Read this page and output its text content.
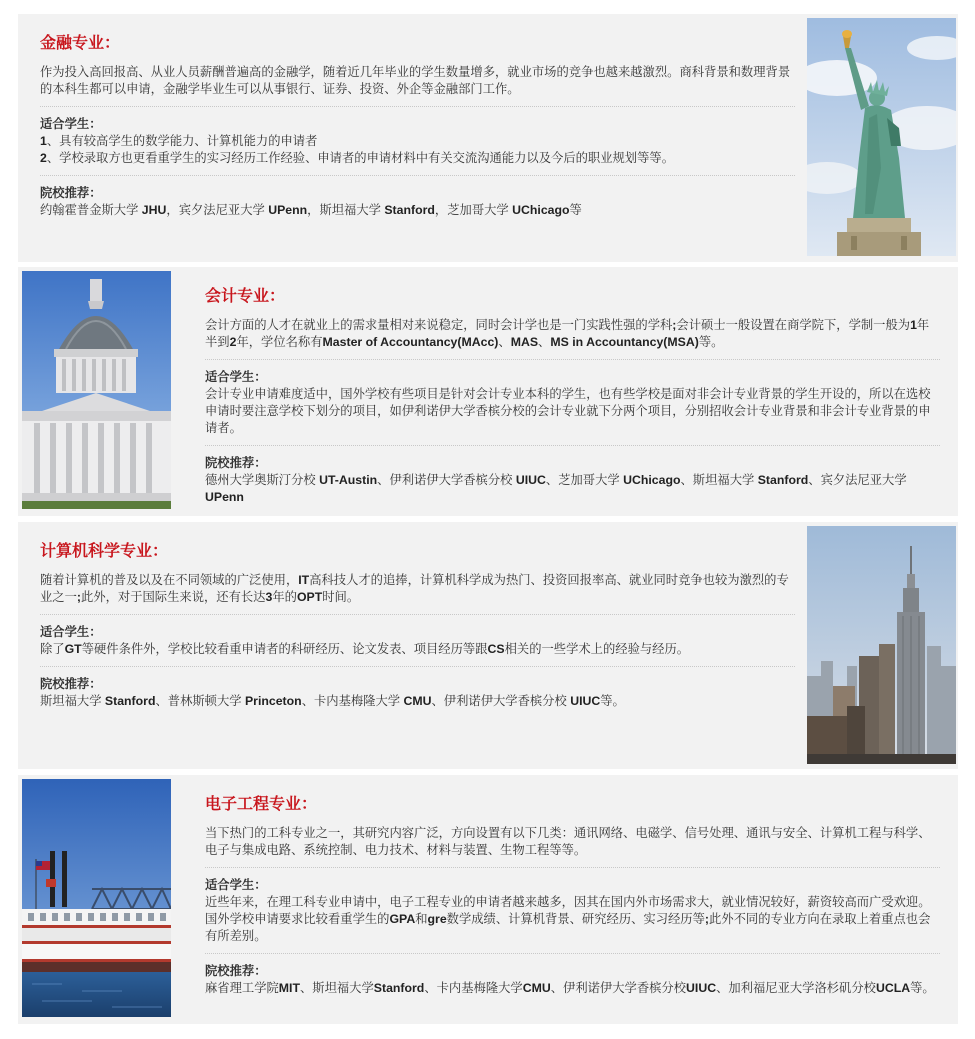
金融专业：

作为投入高回报高、从业人员薪酬普遍高的金融学，随着近几年毕业的学生数量增多，就业市场的竞争也越来越激烈。商科背景和数理背景的本科生都可以申请，金融学毕业生可以从事银行、证券、投资、外企等金融部门工作。

适合学生：

1、具有较高学生的数学能力、计算机能力的申请者

2、学校录取方也更看重学生的实习经历工作经验、申请者的申请材料中有关交流沟通能力以及今后的职业规划等等。

院校推荐：

约翰霍普金斯大学 JHU，宾夕法尼亚大学 UPenn，斯坦福大学 Stanford，芝加哥大学 UChicago等

会计专业：

会计方面的人才在就业上的需求量相对来说稳定，同时会计学也是一门实践性强的学科;会计硕士一般设置在商学院下，学制一般为1年半到2年，学位名称有Master of Accountancy(MAcc)、MAS、MS in Accountancy(MSA)等。

适合学生：

会计专业申请难度适中，国外学校有些项目是针对会计专业本科的学生，也有些学校是面对非会计专业背景的学生开设的，所以在选校申请时要注意学校下划分的项目，如伊利诺伊大学香槟分校的会计专业就下分两个项目，分别招收会计专业背景和非会计专业背景的申请者。

院校推荐：

德州大学奥斯汀分校 UT-Austin、伊利诺伊大学香槟分校 UIUC、芝加哥大学 UChicago、斯坦福大学 Stanford、宾夕法尼亚大学 UPenn

计算机科学专业：

随着计算机的普及以及在不同领域的广泛使用，IT高科技人才的追捧，计算机科学成为热门、投资回报率高、就业同时竞争也较为激烈的专业之一;此外，对于国际生来说，还有长达3年的OPT时间。

适合学生：

除了GT等硬件条件外，学校比较看重申请者的科研经历、论文发表、项目经历等跟CS相关的一些学术上的经验与经历。

院校推荐：

斯坦福大学 Stanford、普林斯顿大学 Princeton、卡内基梅隆大学 CMU、伊利诺伊大学香槟分校 UIUC等。

电子工程专业：

当下热门的工科专业之一，其研究内容广泛，方向设置有以下几类：通讯网络、电磁学、信号处理、通讯与安全、计算机工程与科学、电子与集成电路、系统控制、电力技术、材料与装置、生物工程等等。

适合学生：

近些年来，在理工科专业申请中，电子工程专业的申请者越来越多，因其在国内外市场需求大，就业情况较好，薪资较高而广受欢迎。国外学校申请要求比较看重学生的GPA和gre数学成绩、计算机背景、研究经历、实习经历等;此外不同的专业方向在录取上着重点也会有所差别。

院校推荐：

麻省理工学院MIT、斯坦福大学Stanford、卡内基梅隆大学CMU、伊利诺伊大学香槟分校UIUC、加利福尼亚大学洛杉矶分校UCLA等。
